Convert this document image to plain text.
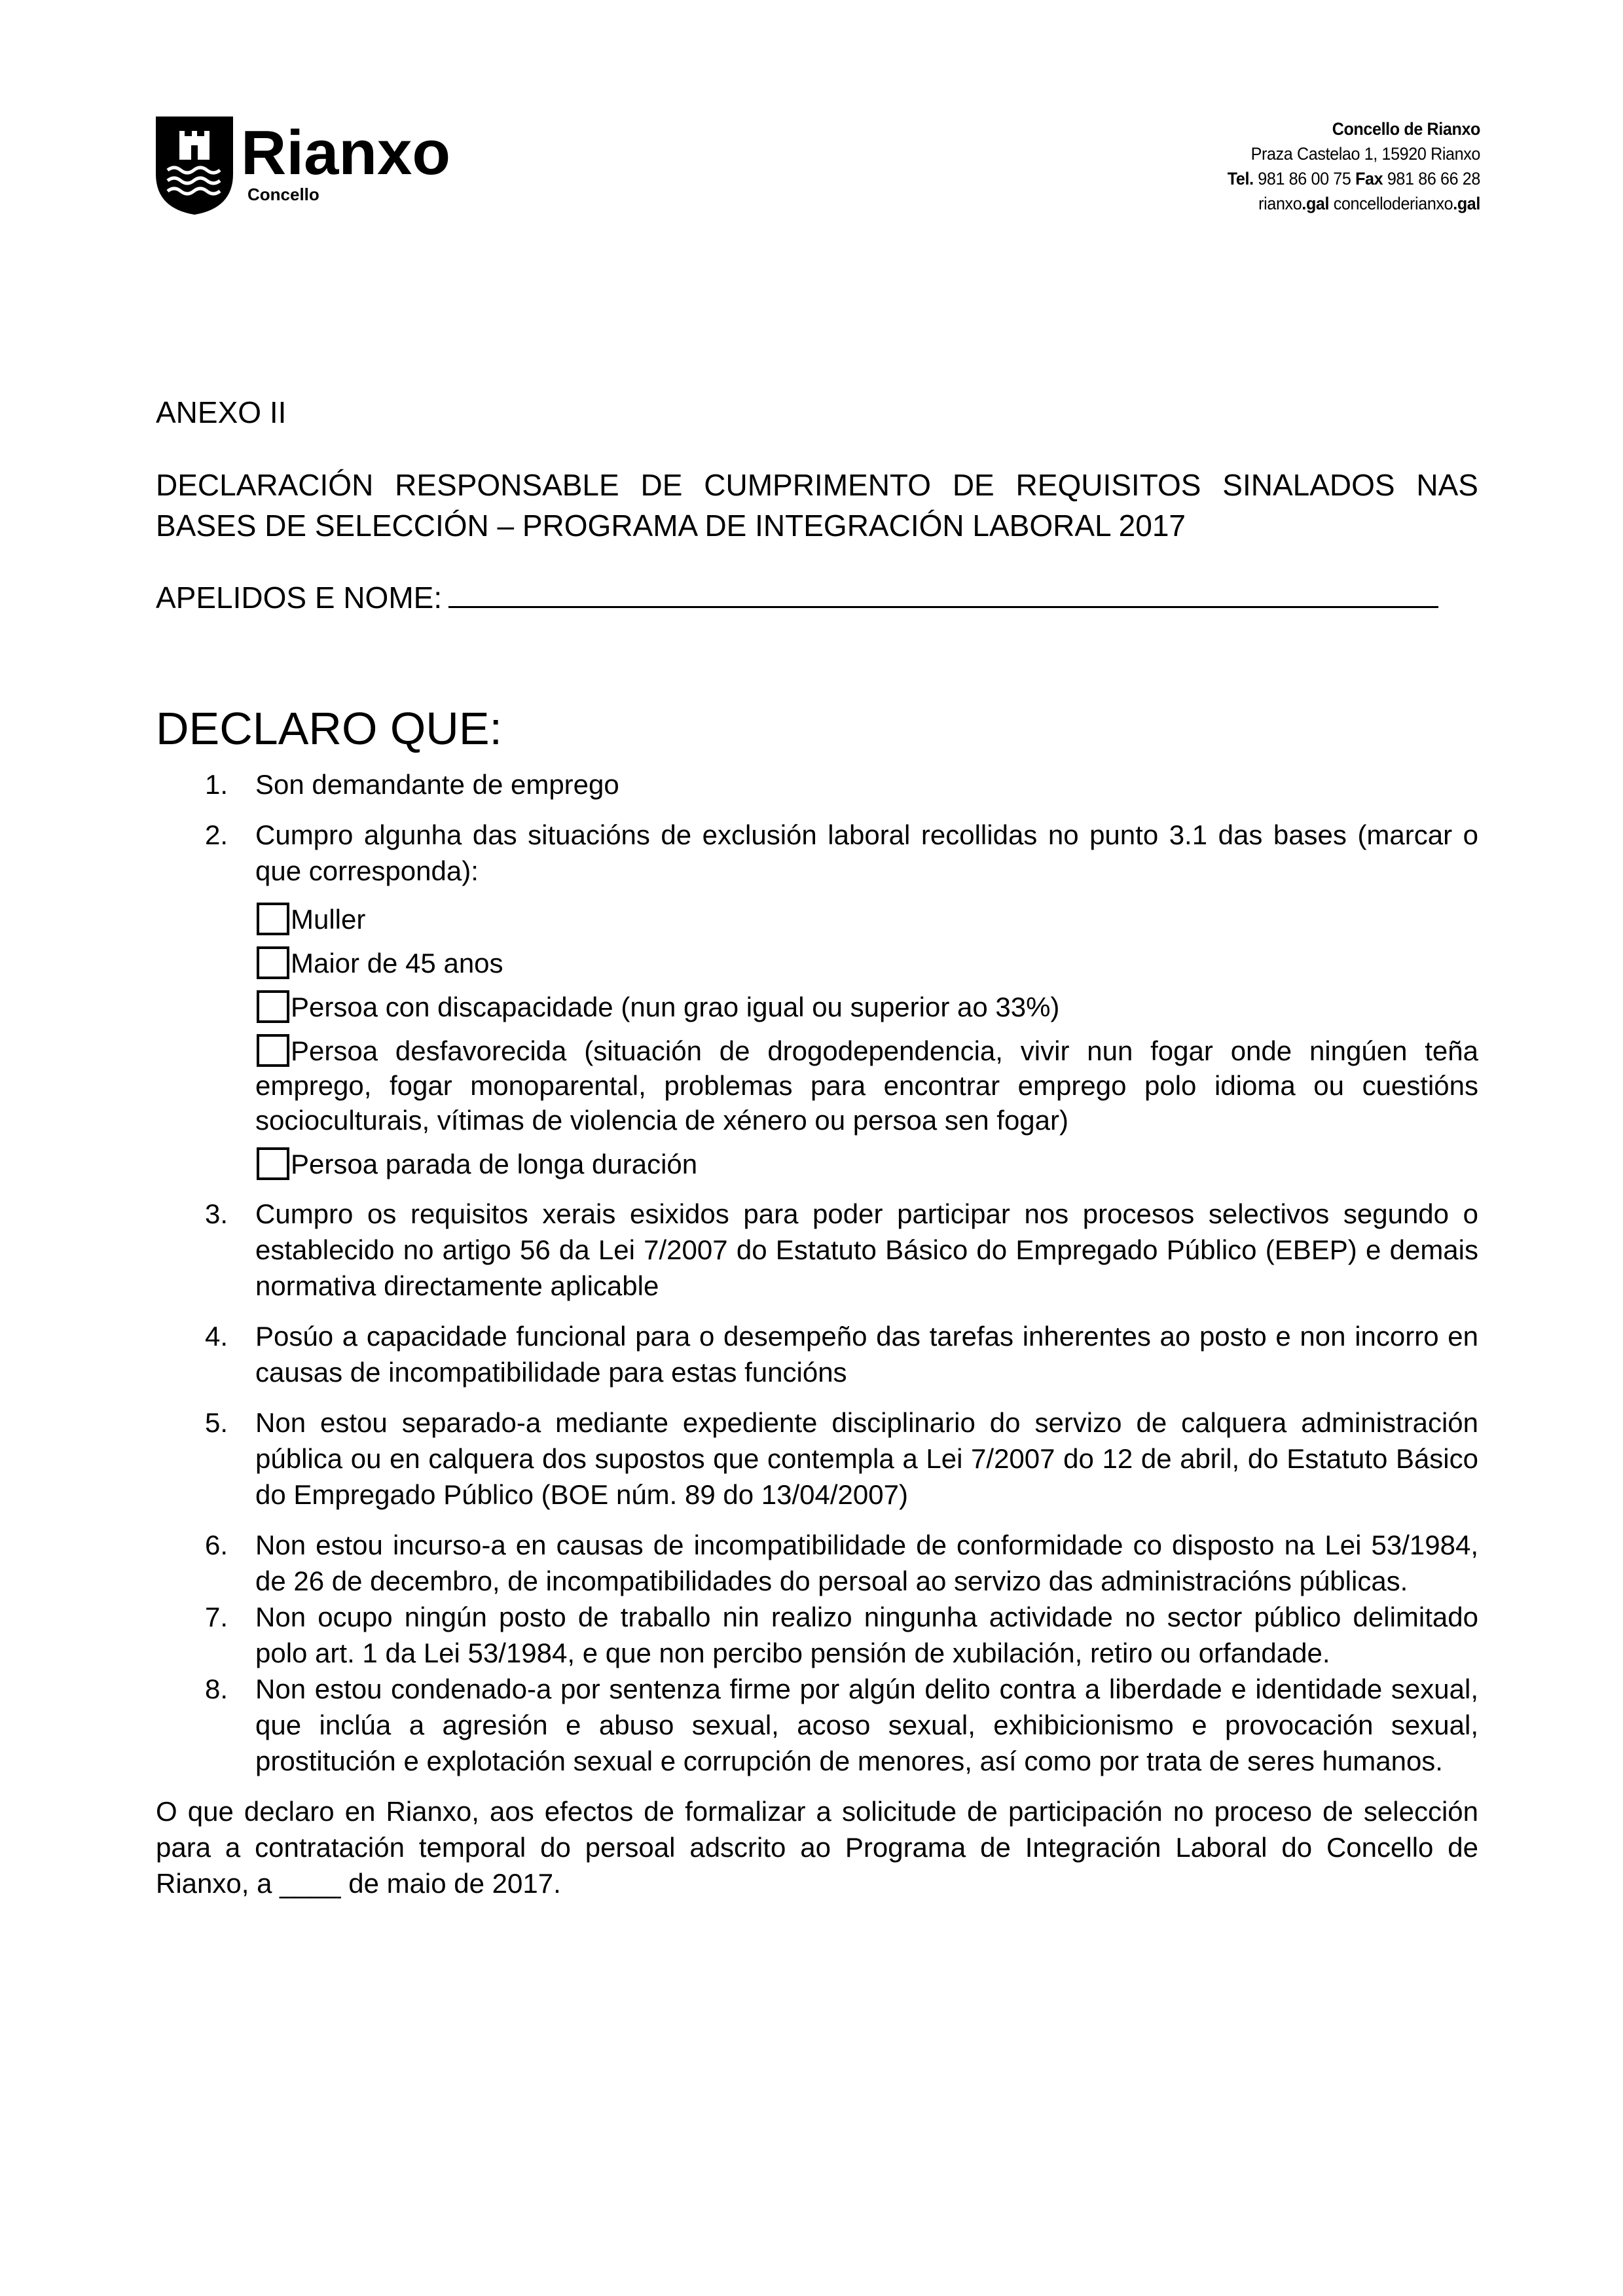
Rianxo
Concello
Concello de Rianxo
Praza Castelao 1, 15920 Rianxo
Tel. 981 86 00 75 Fax 981 86 66 28
rianxo.gal concelloderianxo.gal

ANEXO II

DECLARACIÓN RESPONSABLE DE CUMPRIMENTO DE REQUISITOS SINALADOS NAS BASES DE SELECCIÓN – PROGRAMA DE INTEGRACIÓN LABORAL 2017

APELIDOS E NOME:

DECLARO QUE:
1. Son demandante de emprego
2. Cumpro algunha das situacións de exclusión laboral recollidas no punto 3.1 das bases (marcar o que corresponda):
Muller
Maior de 45 anos
Persoa con discapacidade (nun grao igual ou superior ao 33%)
Persoa desfavorecida (situación de drogodependencia, vivir nun fogar onde ningúen teña emprego, fogar monoparental, problemas para encontrar emprego polo idioma ou cuestións socioculturais, vítimas de violencia de xénero ou persoa sen fogar)
Persoa parada de longa duración
3. Cumpro os requisitos xerais esixidos para poder participar nos procesos selectivos segundo o establecido no artigo 56 da Lei 7/2007 do Estatuto Básico do Empregado Público (EBEP) e demais normativa directamente aplicable
4. Posúo a capacidade funcional para o desempeño das tarefas inherentes ao posto e non incorro en causas de incompatibilidade para estas funcións
5. Non estou separado-a mediante expediente disciplinario do servizo de calquera administración pública ou en calquera dos supostos que contempla a Lei 7/2007 do 12 de abril, do Estatuto Básico do Empregado Público (BOE núm. 89 do 13/04/2007)
6. Non estou incurso-a en causas de incompatibilidade de conformidade co disposto na Lei 53/1984, de 26 de decembro, de incompatibilidades do persoal ao servizo das administracións públicas.
7. Non ocupo ningún posto de traballo nin realizo ningunha actividade no sector público delimitado polo art. 1 da Lei 53/1984, e que non percibo pensión de xubilación, retiro ou orfandade.
8. Non estou condenado-a por sentenza firme por algún delito contra a liberdade e identidade sexual, que inclúa a agresión e abuso sexual, acoso sexual, exhibicionismo e provocación sexual, prostitución e explotación sexual e corrupción de menores, así como por trata de seres humanos.

O que declaro en Rianxo, aos efectos de formalizar a solicitude de participación no proceso de selección para a contratación temporal do persoal adscrito ao Programa de Integración Laboral do Concello de Rianxo, a ____ de maio de 2017.
